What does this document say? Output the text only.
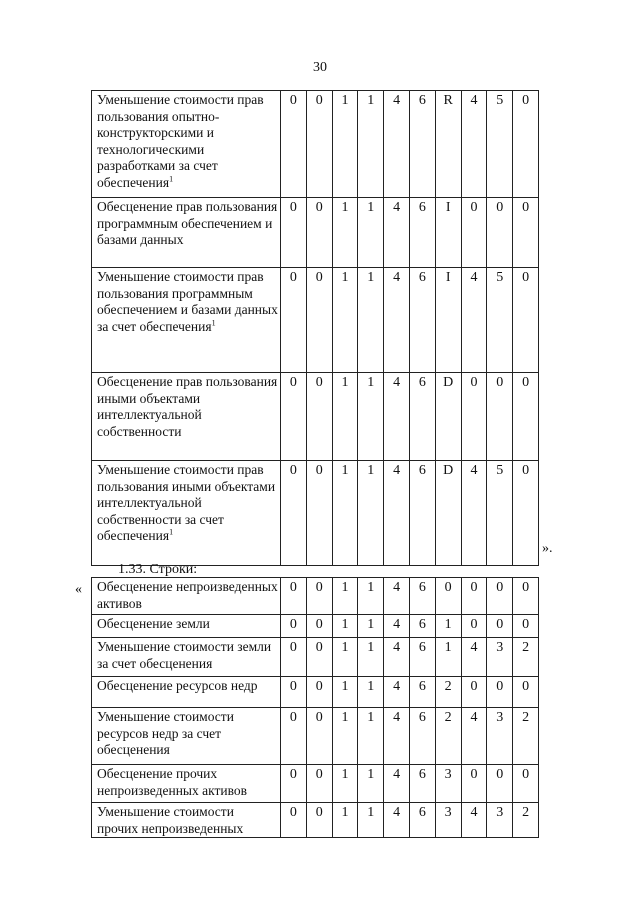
30
Уменьшение стоимости прав пользования опытно-конструкторскими и технологическими разработками за счет обеспечения$^1$	0	0	1	1	4	6	R	4	5	0
Обесценение прав пользования программным обеспечением и базами данных	0	0	1	1	4	6	I	0	0	0
Уменьшение стоимости прав пользования программным обеспечением и базами данных за счет обеспечения$^1$	0	0	1	1	4	6	I	4	5	0
Обесценение прав пользования иными объектами интеллектуальной собственности	0	0	1	1	4	6	D	0	0	0
Уменьшение стоимости прав пользования иными объектами интеллектуальной собственности за счет обеспечения$^1$	0	0	1	1	4	6	D	4	5	0
».
1.33. Строки:
« Обесценение непроизведенных активов	0	0	1	1	4	6	0	0	0	0
Обесценение земли	0	0	1	1	4	6	1	0	0	0
Уменьшение стоимости земли за счет обесценения	0	0	1	1	4	6	1	4	3	2
Обесценение ресурсов недр	0	0	1	1	4	6	2	0	0	0
Уменьшение стоимости ресурсов недр за счет обесценения	0	0	1	1	4	6	2	4	3	2
Обесценение прочих непроизведенных активов	0	0	1	1	4	6	3	0	0	0
Уменьшение стоимости прочих непроизведенных	0	0	1	1	4	6	3	4	3	2
